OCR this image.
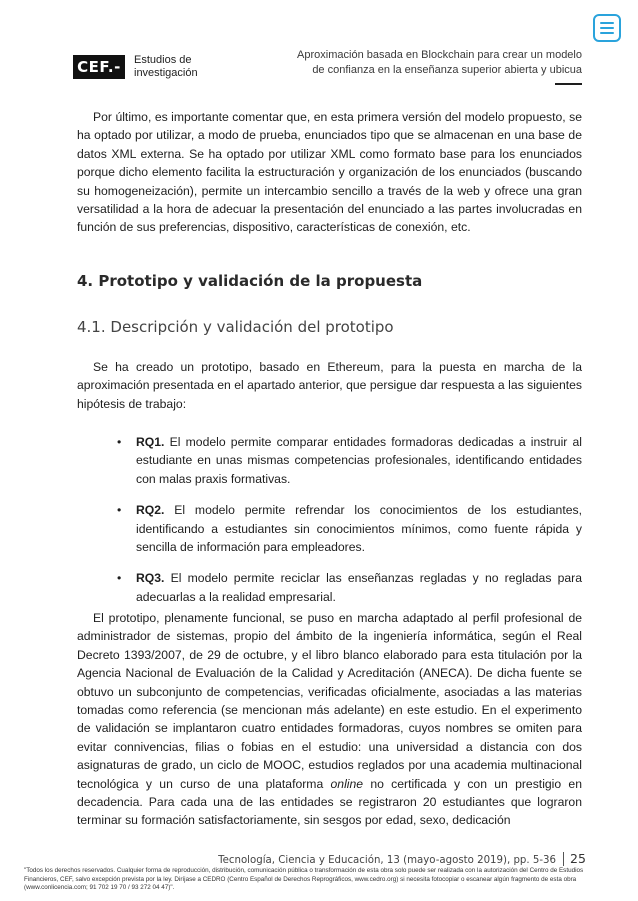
CEF.-	Estudios de
investigación
Aproximación basada en Blockchain para crear un modelo
de confianza en la enseñanza superior abierta y ubicua

Por último, es importante comentar que, en esta primera versión del modelo propuesto, se ha optado por utilizar, a modo de prueba, enunciados tipo que se almacenan en una base de datos XML externa. Se ha optado por utilizar XML como formato base para los enunciados porque dicho elemento facilita la estructuración y organización de los enunciados (buscando su homogeneización), permite un intercambio sencillo a través de la web y ofrece una gran versatilidad a la hora de adecuar la presentación del enunciado a las partes involucradas en función de sus preferencias, dispositivo, características de conexión, etc.

4. Prototipo y validación de la propuesta
4.1. Descripción y validación del prototipo

Se ha creado un prototipo, basado en Ethereum, para la puesta en marcha de la aproximación presentada en el apartado anterior, que persigue dar respuesta a las siguientes hipótesis de trabajo:

• RQ1. El modelo permite comparar entidades formadoras dedicadas a instruir al estudiante en unas mismas competencias profesionales, identificando entidades con malas praxis formativas.
• RQ2. El modelo permite refrendar los conocimientos de los estudiantes, identificando a estudiantes sin conocimientos mínimos, como fuente rápida y sencilla de información para empleadores.
• RQ3. El modelo permite reciclar las enseñanzas regladas y no regladas para adecuarlas a la realidad empresarial.

El prototipo, plenamente funcional, se puso en marcha adaptado al perfil profesional de administrador de sistemas, propio del ámbito de la ingeniería informática, según el Real Decreto 1393/2007, de 29 de octubre, y el libro blanco elaborado para esta titulación por la Agencia Nacional de Evaluación de la Calidad y Acreditación (ANECA). De dicha fuente se obtuvo un subconjunto de competencias, verificadas oficialmente, asociadas a las materias tomadas como referencia (se mencionan más adelante) en este estudio. En el experimento de validación se implantaron cuatro entidades formadoras, cuyos nombres se omiten para evitar connivencias, filias o fobias en el estudio: una universidad a distancia con dos asignaturas de grado, un ciclo de MOOC, estudios reglados por una academia multinacional tecnológica y un curso de una plataforma online no certificada y con un prestigio en decadencia. Para cada una de las entidades se registraron 20 estudiantes que lograron terminar su formación satisfactoriamente, sin sesgos por edad, sexo, dedicación

Tecnología, Ciencia y Educación, 13 (mayo-agosto 2019), pp. 5-36 25
"Todos los derechos reservados. Cualquier forma de reproducción, distribución, comunicación pública o transformación de esta obra solo puede ser realizada con la autorización del Centro de Estudios Financieros, CEF, salvo excepción prevista por la ley. Diríjase a CEDRO (Centro Español de Derechos Reprográficos, www.cedro.org) si necesita fotocopiar o escanear algún fragmento de esta obra (www.conlicencia.com; 91 702 19 70 / 93 272 04 47)".
